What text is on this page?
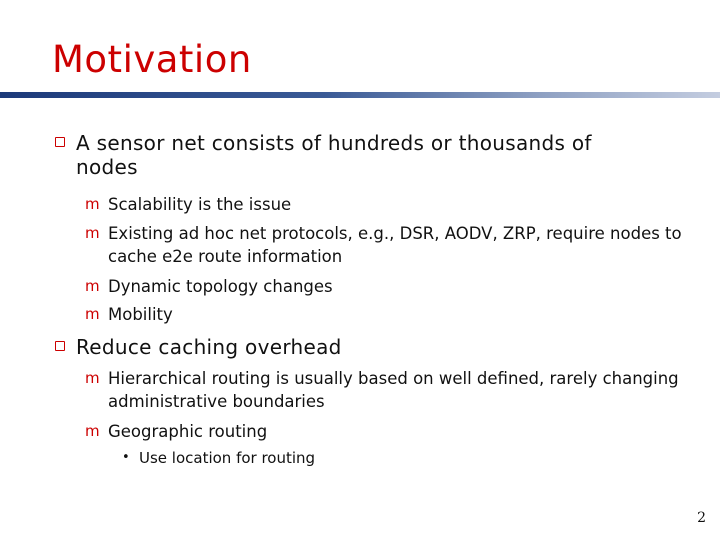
Motivation
A sensor net consists of hundreds or thousands of nodes
m Scalability is the issue
m Existing ad hoc net protocols, e.g., DSR, AODV, ZRP, require nodes to cache e2e route information
m Dynamic topology changes
m Mobility
Reduce caching overhead
m Hierarchical routing is usually based on well defined, rarely changing administrative boundaries
m Geographic routing
• Use location for routing
2
